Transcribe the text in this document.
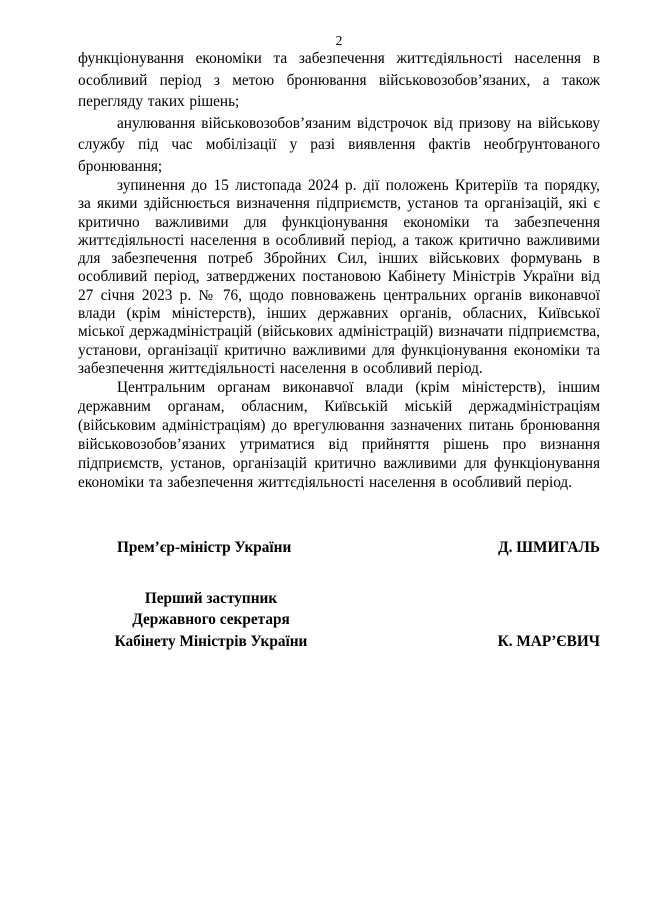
2

функціонування економіки та забезпечення життєдіяльності населення в особливий період з метою бронювання військовозобов’язаних, а також перегляду таких рішень;

анулювання військовозобов’язаним відстрочок від призову на військову службу під час мобілізації у разі виявлення фактів необґрунтованого бронювання;

зупинення до 15 листопада 2024 р. дії положень Критеріїв та порядку, за якими здійснюється визначення підприємств, установ та організацій, які є критично важливими для функціонування економіки та забезпечення життєдіяльності населення в особливий період, а також критично важливими для забезпечення потреб Збройних Сил, інших військових формувань в особливий період, затверджених постановою Кабінету Міністрів України від 27 січня 2023 р. № 76, щодо повноважень центральних органів виконавчої влади (крім міністерств), інших державних органів, обласних, Київської міської держадміністрацій (військових адміністрацій) визначати підприємства, установи, організації критично важливими для функціонування економіки та забезпечення життєдіяльності населення в особливий період.

Центральним органам виконавчої влади (крім міністерств), іншим державним органам, обласним, Київській міській держадміністраціям (військовим адміністраціям) до врегулювання зазначених питань бронювання військовозобов’язаних утриматися від прийняття рішень про визнання підприємств, установ, організацій критично важливими для функціонування економіки та забезпечення життєдіяльності населення в особливий період.

Прем’єр-міністр України	Д. ШМИГАЛЬ
Перший заступник
Державного секретаря
Кабінету Міністрів України	К. МАР’ЄВИЧ
